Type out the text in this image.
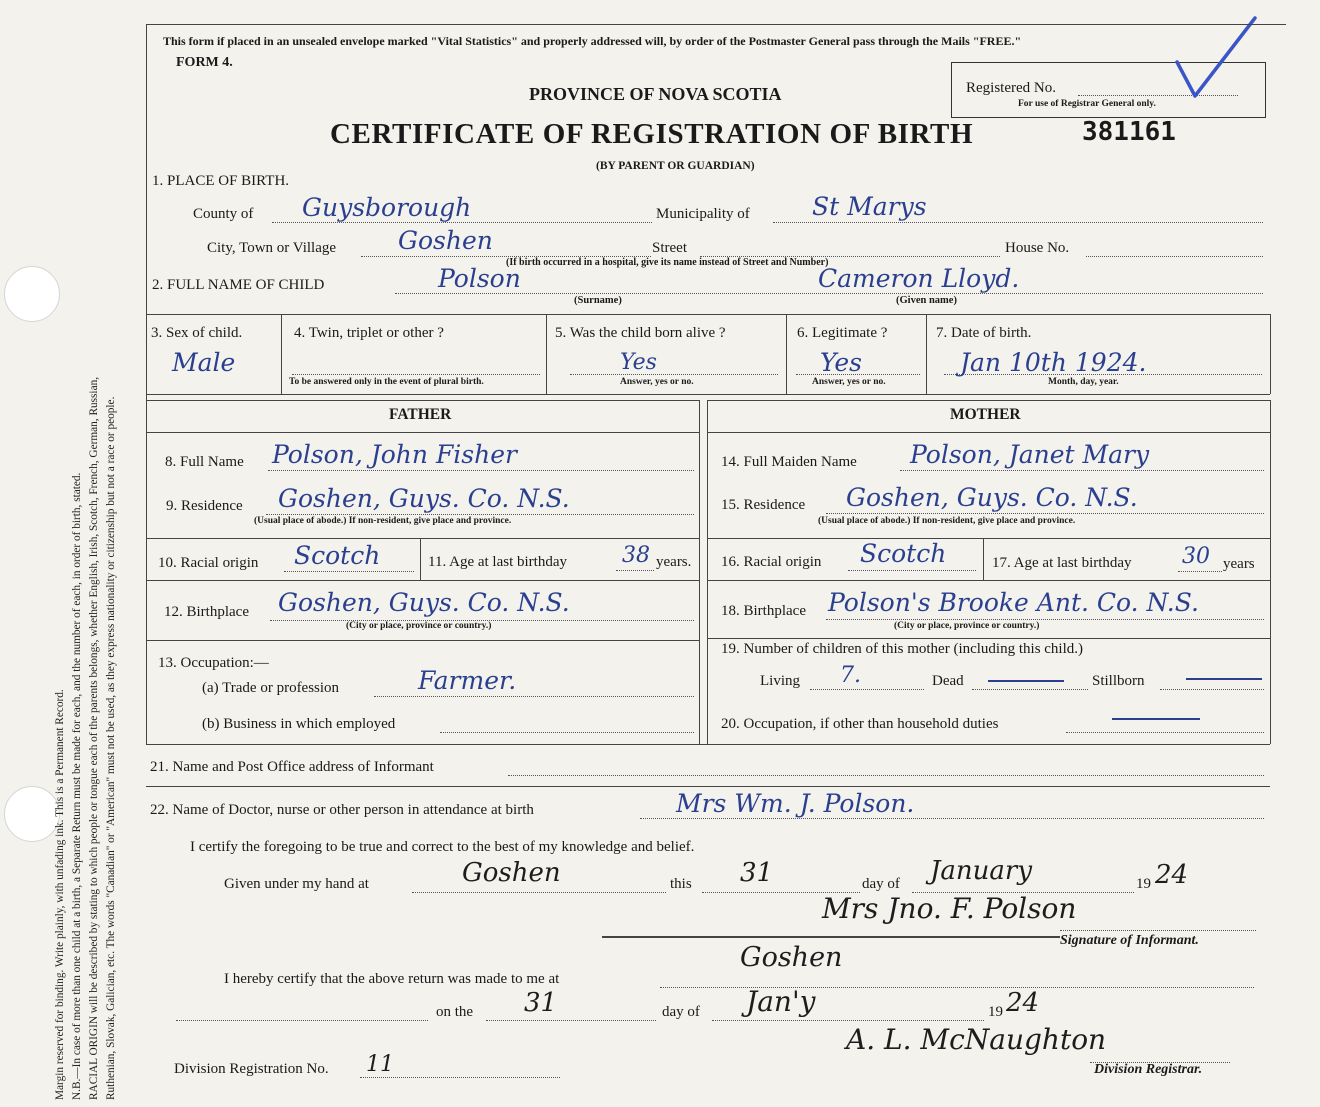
Margin reserved for binding. Write plainly, with unfading ink. This is a Permanent Record. N.B.—In case of more than one child at a birth, a Separate Return must be made for each, and the number of each, in order of birth, stated. RACIAL ORIGIN will be described by stating to which people or tongue each of the parents belongs, whether English, Irish, Scotch, French, German, Russian, Ruthenian, Slovak, Galician, etc. The words "Canadian" or "American" must not be used, as they express nationality or citizenship but not a race or people.
This form if placed in an unsealed envelope marked "Vital Statistics" and properly addressed will, by order of the Postmaster General pass through the Mails "FREE."
FORM 4.
PROVINCE OF NOVA SCOTIA
CERTIFICATE OF REGISTRATION OF BIRTH	381161
(BY PARENT OR GUARDIAN)
Registered No.
For use of Registrar General only.
1. PLACE OF BIRTH.
County of Guysborough	Municipality of St Marys
City, Town or Village Goshen	Street	House No.
(If birth occurred in a hospital, give its name instead of Street and Number)
2. FULL NAME OF CHILD	Polson	Cameron Lloyd.
(Surname)	(Given name)
3. Sex of child.
Male
4. Twin, triplet or other ?
To be answered only in the event of plural birth.
5. Was the child born alive ?
Yes
Answer, yes or no.
6. Legitimate ?
Yes
Answer, yes or no.
7. Date of birth.
Jan 10th 1924.
Month, day, year.
FATHER	MOTHER
8. Full Name Polson, John Fisher
9. Residence Goshen, Guys. Co. N.S.
(Usual place of abode.) If non-resident, give place and province.
10. Racial origin Scotch	11. Age at last birthday	38 years.
12. Birthplace Goshen, Guys. Co. N.S.
(City or place, province or country.)
13. Occupation:—
(a) Trade or profession	Farmer.
(b) Business in which employed
14. Full Maiden Name Polson, Janet Mary
15. Residence Goshen, Guys. Co. N.S.
(Usual place of abode.) If non-resident, give place and province.
16. Racial origin Scotch	17. Age at last birthday 30 years
18. Birthplace Polson's Brooke Ant. Co. N.S.
(City or place, province or country.)
19. Number of children of this mother (including this child.)
Living 7.	Dead	Stillborn
20. Occupation, if other than household duties
21. Name and Post Office address of Informant
22. Name of Doctor, nurse or other person in attendance at birth	Mrs Wm. J. Polson.
I certify the foregoing to be true and correct to the best of my knowledge and belief.
Given under my hand at	Goshen	this 31	day of January	19 24
Mrs Jno. F. Polson
Signature of Informant.
Goshen
I hereby certify that the above return was made to me at
on the 31	day of Jan'y	19 24
A. L. McNaughton
Division Registration No. 11	Division Registrar.
